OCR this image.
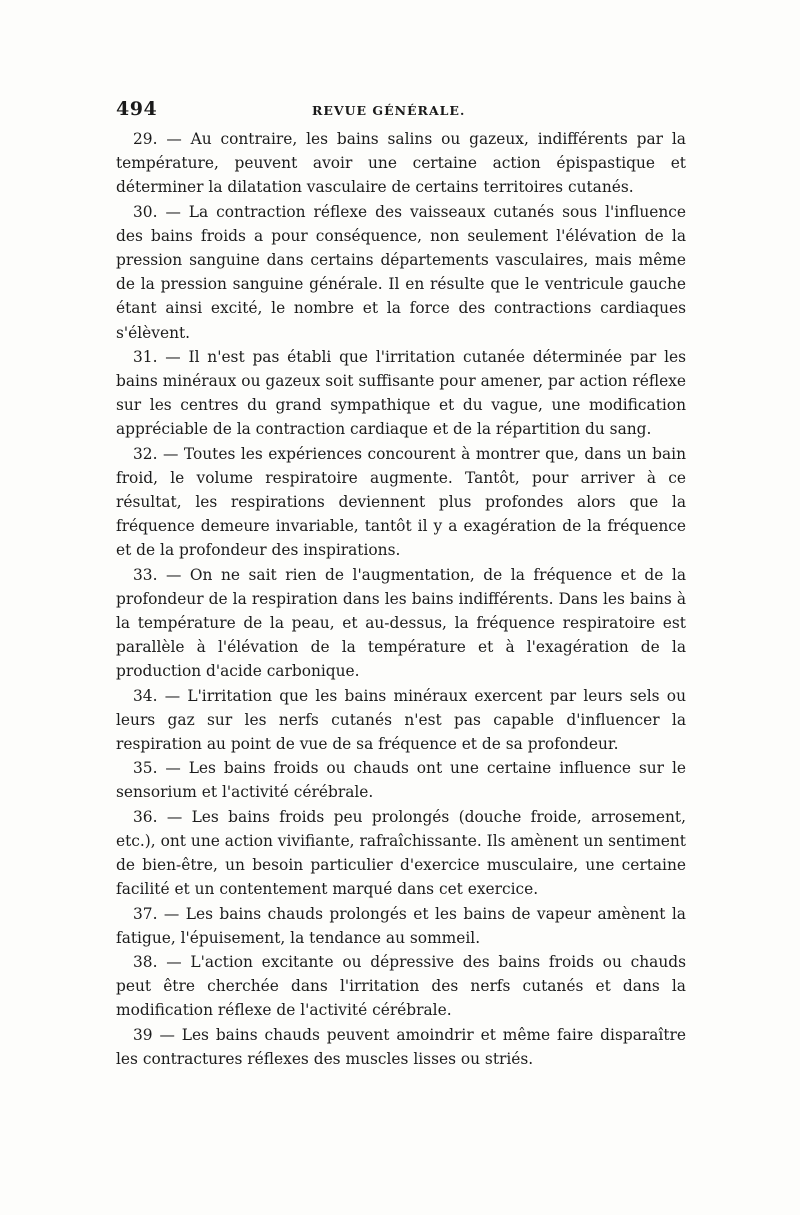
494	REVUE GÉNÉRALE.

29. — Au contraire, les bains salins ou gazeux, indifférents par la température, peuvent avoir une certaine action épispastique et déterminer la dilatation vasculaire de certains territoires cutanés.

30. — La contraction réflexe des vaisseaux cutanés sous l'influence des bains froids a pour conséquence, non seulement l'élévation de la pression sanguine dans certains départements vasculaires, mais même de la pression sanguine générale. Il en résulte que le ventricule gauche étant ainsi excité, le nombre et la force des contractions cardiaques s'élèvent.

31. — Il n'est pas établi que l'irritation cutanée déterminée par les bains minéraux ou gazeux soit suffisante pour amener, par action réflexe sur les centres du grand sympathique et du vague, une modification appréciable de la contraction cardiaque et de la répartition du sang.

32. — Toutes les expériences concourent à montrer que, dans un bain froid, le volume respiratoire augmente. Tantôt, pour arriver à ce résultat, les respirations deviennent plus profondes alors que la fréquence demeure invariable, tantôt il y a exagération de la fréquence et de la profondeur des inspirations.

33. — On ne sait rien de l'augmentation, de la fréquence et de la profondeur de la respiration dans les bains indifférents. Dans les bains à la température de la peau, et au-dessus, la fréquence respiratoire est parallèle à l'élévation de la température et à l'exagération de la production d'acide carbonique.

34. — L'irritation que les bains minéraux exercent par leurs sels ou leurs gaz sur les nerfs cutanés n'est pas capable d'influencer la respiration au point de vue de sa fréquence et de sa profondeur.

35. — Les bains froids ou chauds ont une certaine influence sur le sensorium et l'activité cérébrale.

36. — Les bains froids peu prolongés (douche froide, arrosement, etc.), ont une action vivifiante, rafraîchissante. Ils amènent un sentiment de bien-être, un besoin particulier d'exercice musculaire, une certaine facilité et un contentement marqué dans cet exercice.

37. — Les bains chauds prolongés et les bains de vapeur amènent la fatigue, l'épuisement, la tendance au sommeil.

38. — L'action excitante ou dépressive des bains froids ou chauds peut être cherchée dans l'irritation des nerfs cutanés et dans la modification réflexe de l'activité cérébrale.

39 — Les bains chauds peuvent amoindrir et même faire disparaître les contractures réflexes des muscles lisses ou striés.
